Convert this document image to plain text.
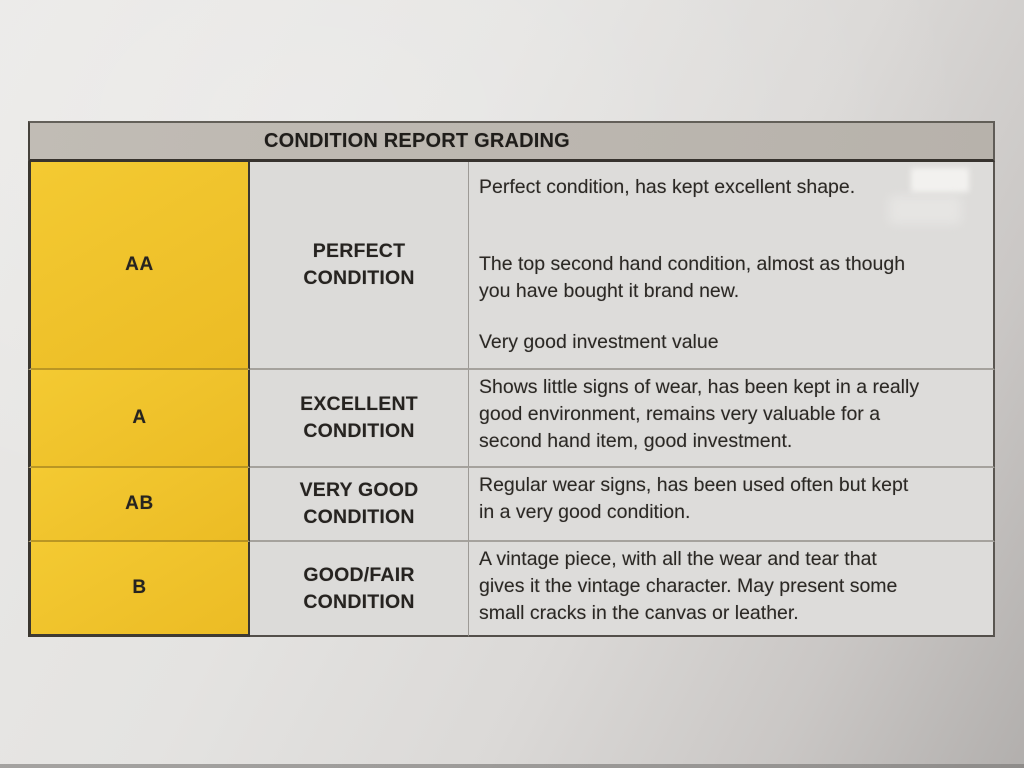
CONDITION REPORT GRADING
AA
PERFECT
CONDITION

Perfect condition, has kept excellent shape.

The top second hand condition, almost as though
you have bought it brand new.

Very good investment value

A
EXCELLENT
CONDITION

Shows little signs of wear, has been kept in a really
good environment, remains very valuable for a
second hand item, good investment.

AB
VERY GOOD
CONDITION

Regular wear signs, has been used often but kept
in a very good condition.

B
GOOD/FAIR
CONDITION

A vintage piece, with all the wear and tear that
gives it the vintage character. May present some
small cracks in the canvas or leather.
